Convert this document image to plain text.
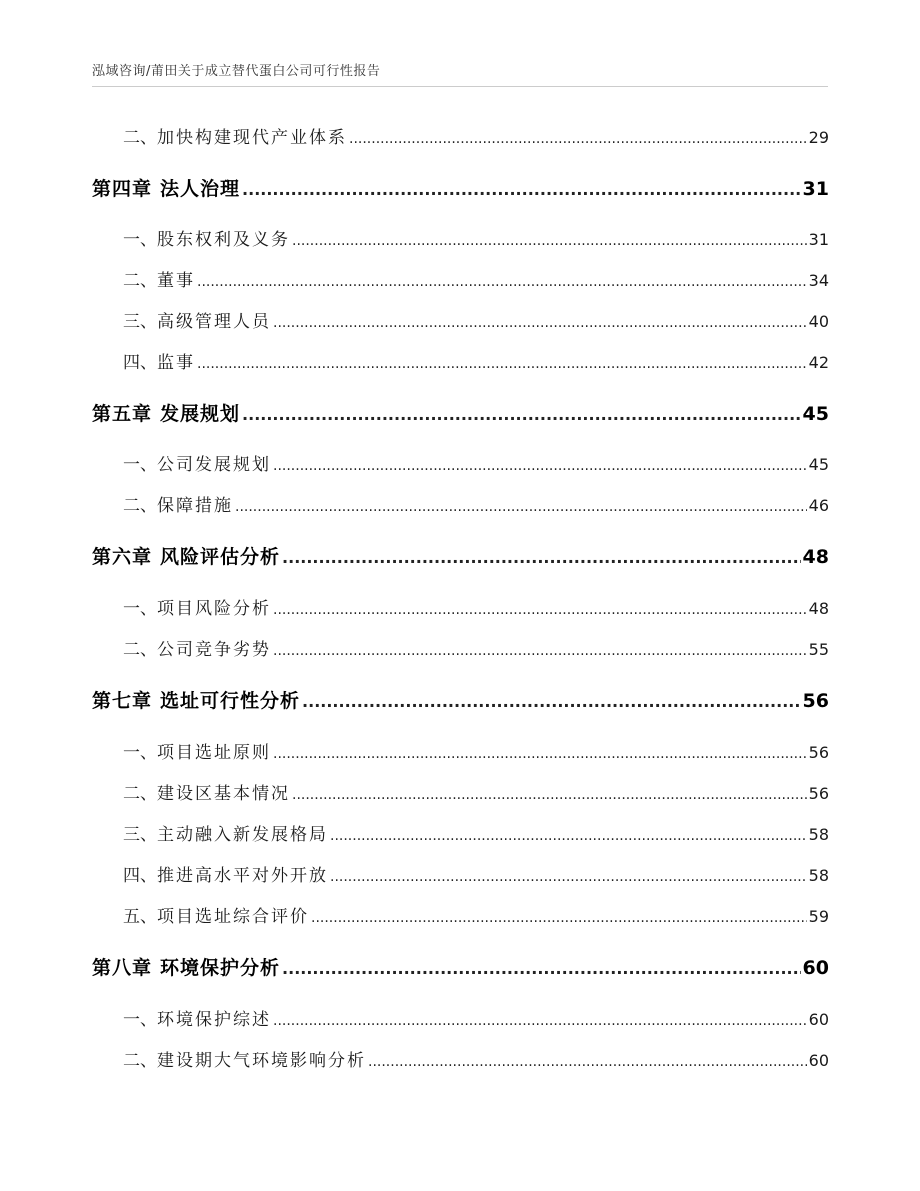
泓域咨询/莆田关于成立替代蛋白公司可行性报告
二、 加快构建现代产业体系 .....	29
第四章 法人治理 .....	31
一、 股东权利及义务 .....	31
二、 董事 .....	34
三、 高级管理人员 .....	40
四、 监事 .....	42
第五章 发展规划 .....	45
一、 公司发展规划 .....	45
二、 保障措施 .....	46
第六章 风险评估分析 .....	48
一、 项目风险分析 .....	48
二、 公司竞争劣势 .....	55
第七章 选址可行性分析 .....	56
一、 项目选址原则 .....	56
二、 建设区基本情况 .....	56
三、 主动融入新发展格局 .....	58
四、 推进高水平对外开放 .....	58
五、 项目选址综合评价 .....	59
第八章 环境保护分析 .....	60
一、 环境保护综述 .....	60
二、 建设期大气环境影响分析 .....	60
